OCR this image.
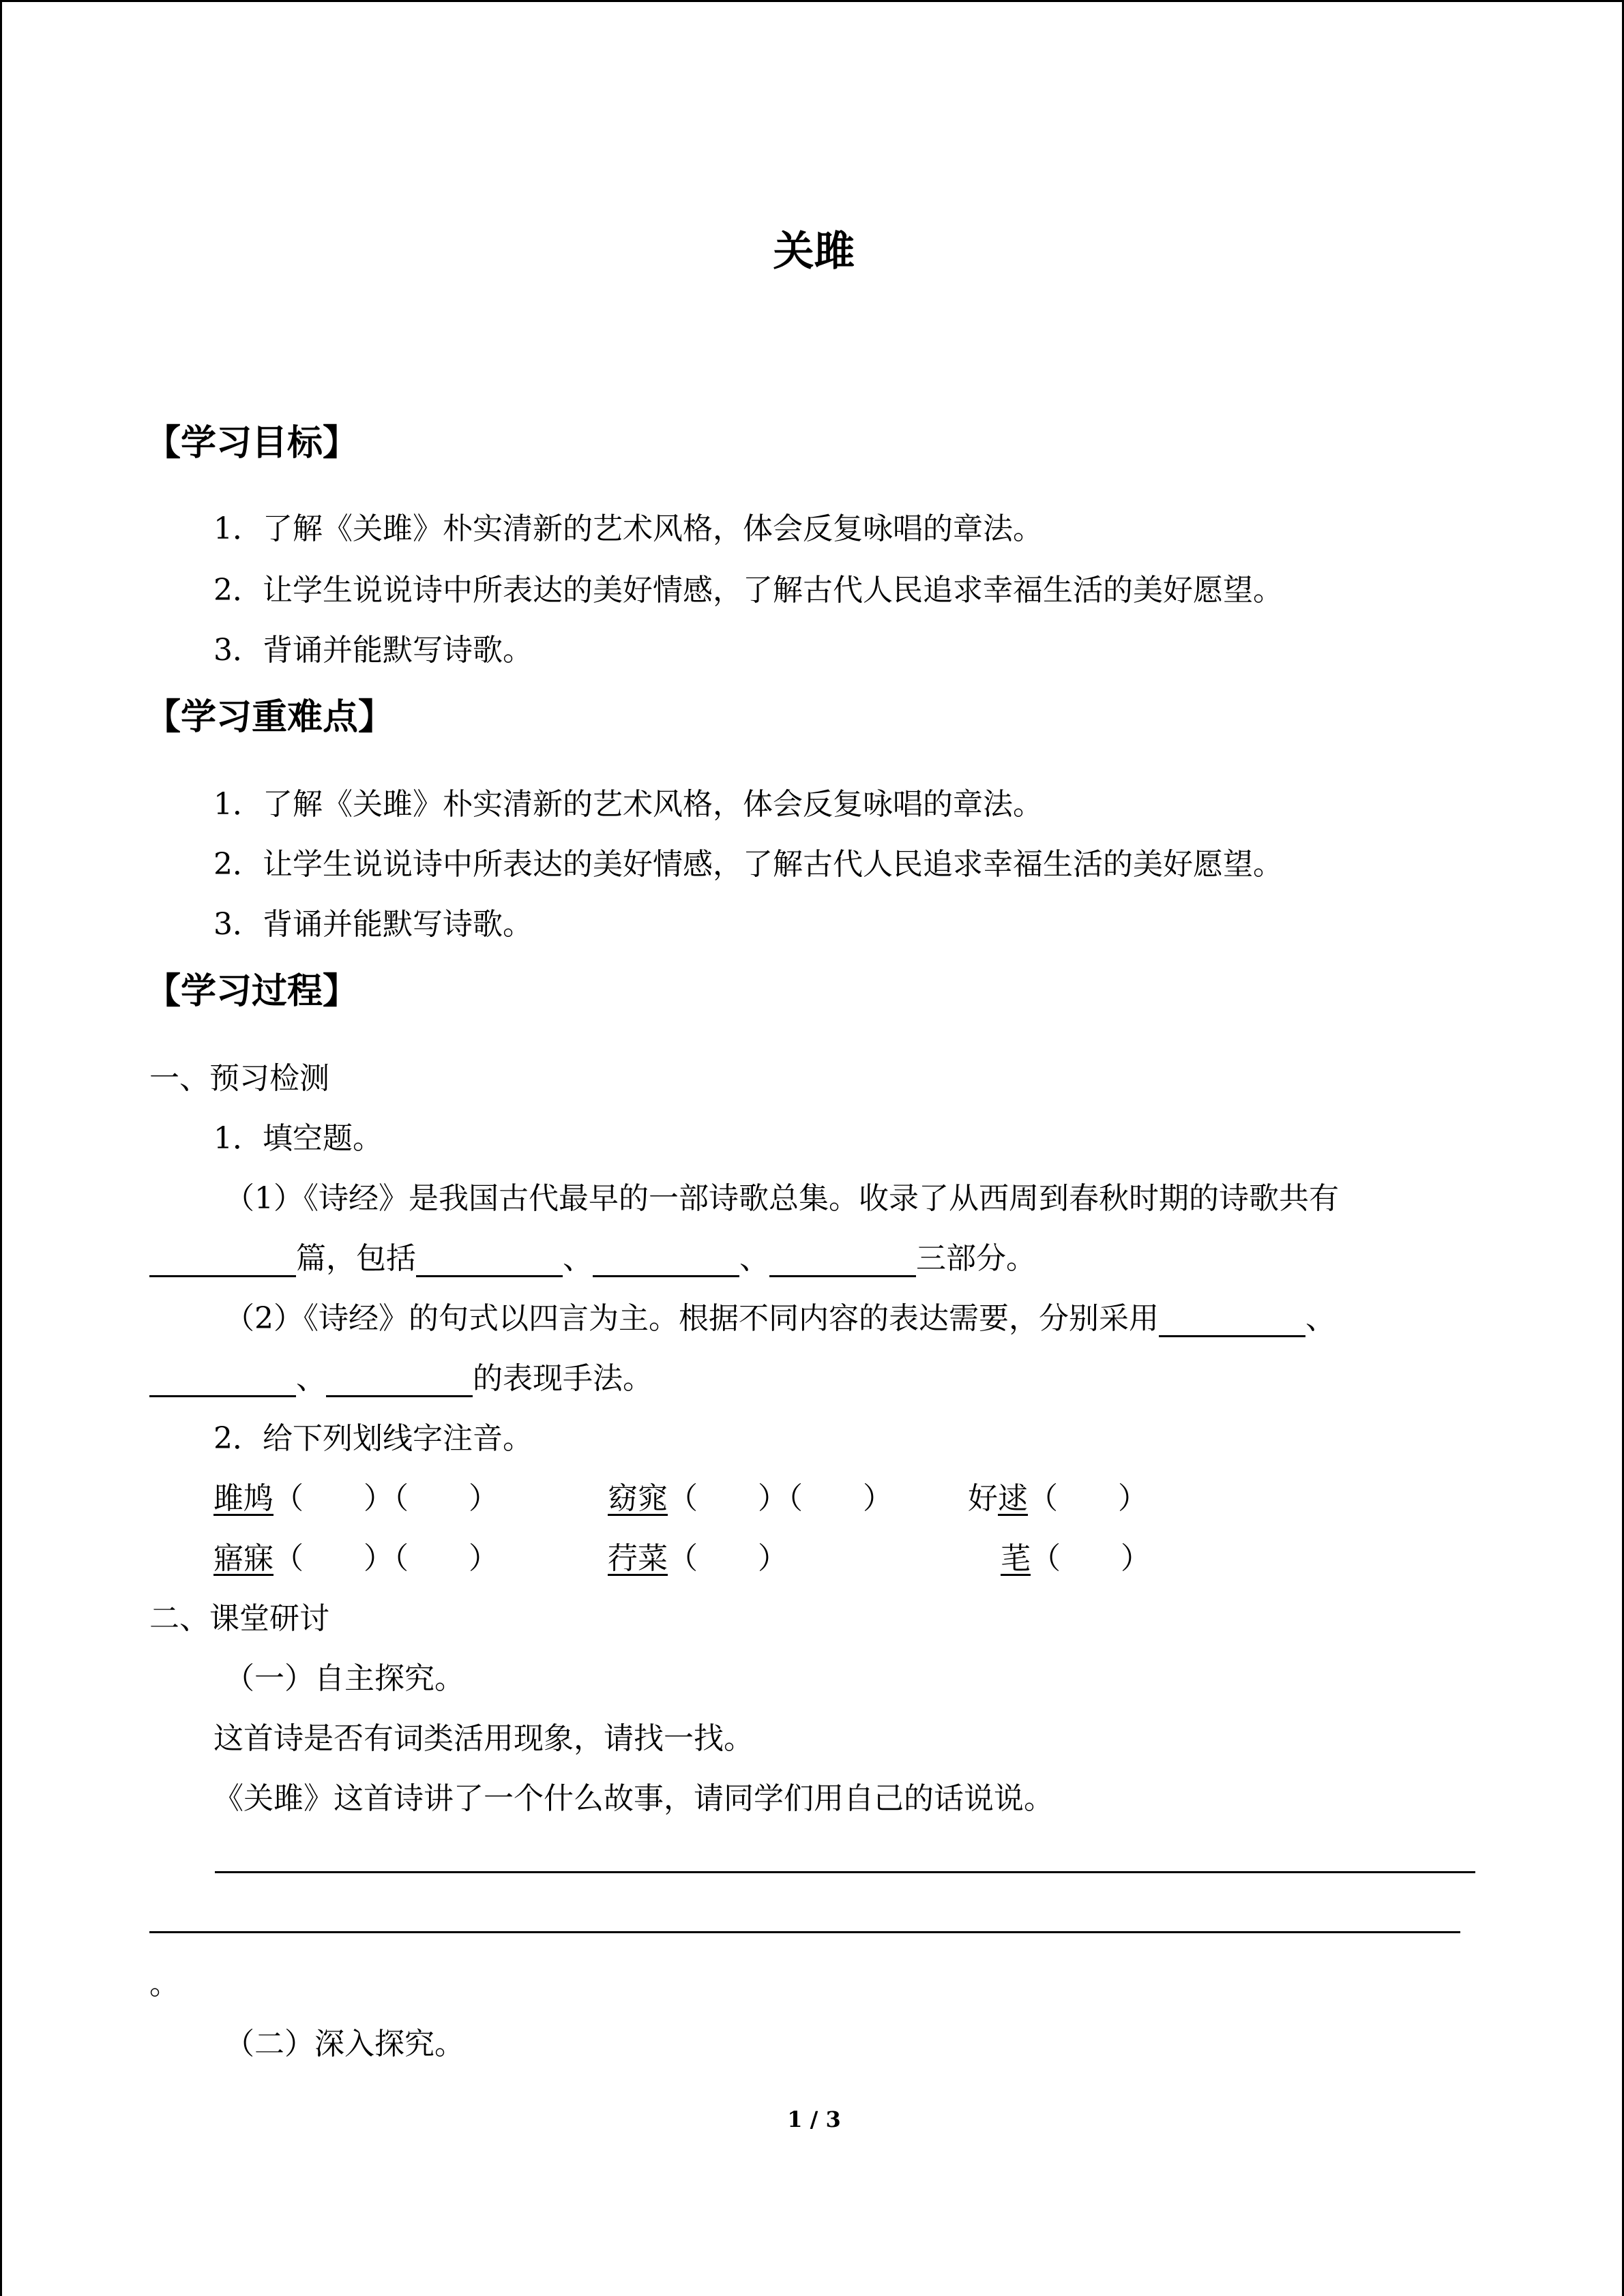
关雎
【学习目标】
1．了解《关雎》朴实清新的艺术风格，体会反复咏唱的章法。
2．让学生说说诗中所表达的美好情感，了解古代人民追求幸福生活的美好愿望。
3．背诵并能默写诗歌。
【学习重难点】
1．了解《关雎》朴实清新的艺术风格，体会反复咏唱的章法。
2．让学生说说诗中所表达的美好情感，了解古代人民追求幸福生活的美好愿望。
3．背诵并能默写诗歌。
【学习过程】
一、预习检测
1．填空题。
（1）《诗经》是我国古代最早的一部诗歌总集。收录了从西周到春秋时期的诗歌共有
篇，包括	、	、	三部分。
（2）《诗经》的句式以四言为主。根据不同内容的表达需要，分别采用	、
、	的表现手法。
2．给下列划线字注音。
雎鸠（　　）（　　）	窈窕（　　）（　　）	好逑（　　）
寤寐（　　）（　　）	荇菜（　　）	芼（　　）
二、课堂研讨
（一）自主探究。
这首诗是否有词类活用现象，请找一找。
《关雎》这首诗讲了一个什么故事，请同学们用自己的话说说。
。
（二）深入探究。
1 / 3
